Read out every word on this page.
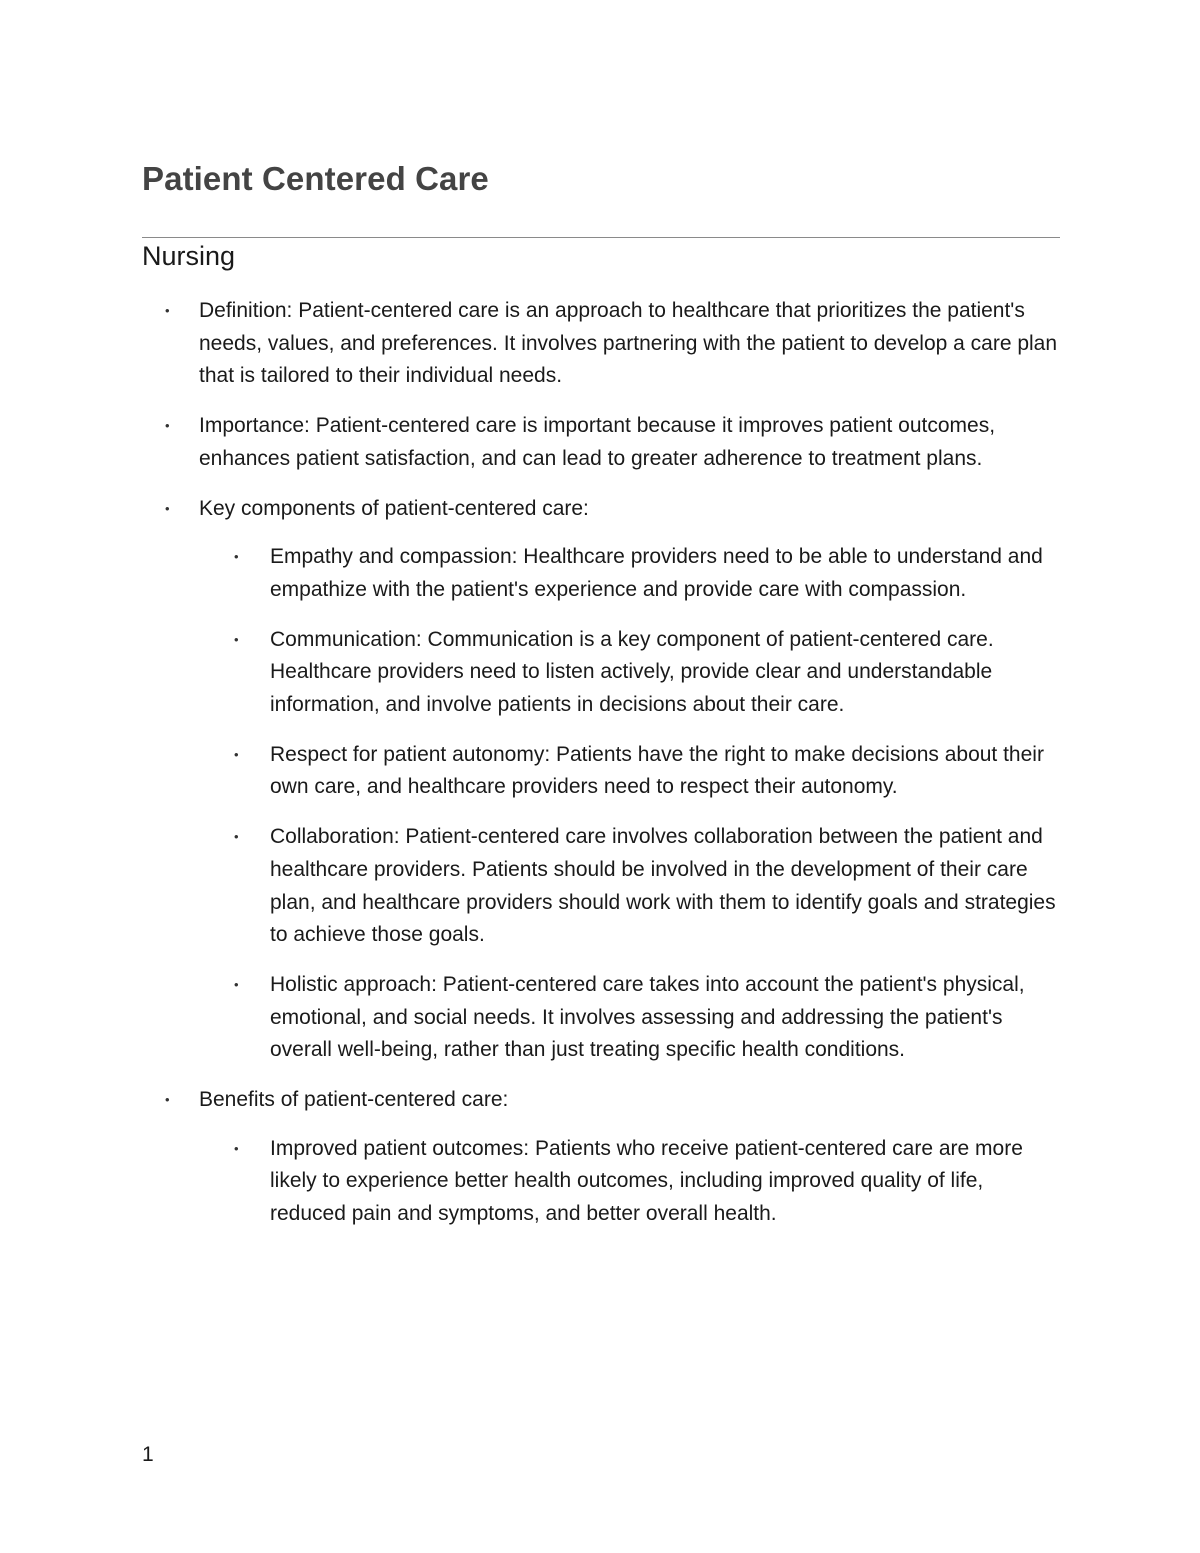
Patient Centered Care
Nursing
• Definition: Patient-centered care is an approach to healthcare that prioritizes the patient's needs, values, and preferences. It involves partnering with the patient to develop a care plan that is tailored to their individual needs.
• Importance: Patient-centered care is important because it improves patient outcomes, enhances patient satisfaction, and can lead to greater adherence to treatment plans.
• Key components of patient-centered care:
• Empathy and compassion: Healthcare providers need to be able to understand and empathize with the patient's experience and provide care with compassion.
• Communication: Communication is a key component of patient-centered care. Healthcare providers need to listen actively, provide clear and understandable information, and involve patients in decisions about their care.
• Respect for patient autonomy: Patients have the right to make decisions about their own care, and healthcare providers need to respect their autonomy.
• Collaboration: Patient-centered care involves collaboration between the patient and healthcare providers. Patients should be involved in the development of their care plan, and healthcare providers should work with them to identify goals and strategies to achieve those goals.
• Holistic approach: Patient-centered care takes into account the patient's physical, emotional, and social needs. It involves assessing and addressing the patient's overall well-being, rather than just treating specific health conditions.
• Benefits of patient-centered care:
• Improved patient outcomes: Patients who receive patient-centered care are more likely to experience better health outcomes, including improved quality of life, reduced pain and symptoms, and better overall health.
1
